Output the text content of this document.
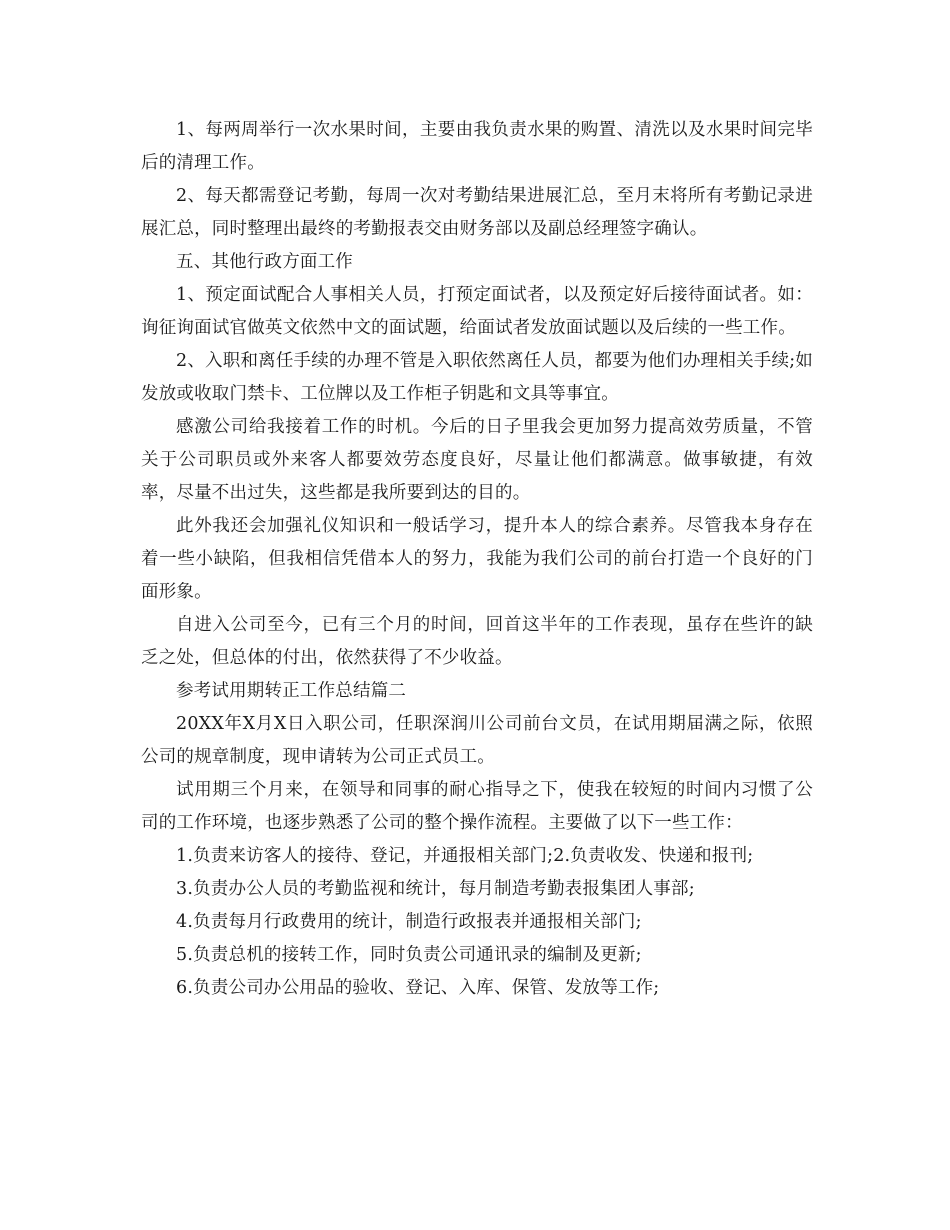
1、每两周举行一次水果时间，主要由我负责水果的购置、清洗以及水果时间完毕后的清理工作。

2、每天都需登记考勤，每周一次对考勤结果进展汇总，至月末将所有考勤记录进展汇总，同时整理出最终的考勤报表交由财务部以及副总经理签字确认。

五、其他行政方面工作

1、预定面试配合人事相关人员，打预定面试者，以及预定好后接待面试者。如：询征询面试官做英文依然中文的面试题，给面试者发放面试题以及后续的一些工作。

2、入职和离任手续的办理不管是入职依然离任人员，都要为他们办理相关手续;如发放或收取门禁卡、工位牌以及工作柜子钥匙和文具等事宜。

感激公司给我接着工作的时机。今后的日子里我会更加努力提高效劳质量，不管关于公司职员或外来客人都要效劳态度良好，尽量让他们都满意。做事敏捷，有效率，尽量不出过失，这些都是我所要到达的目的。

此外我还会加强礼仪知识和一般话学习，提升本人的综合素养。尽管我本身存在着一些小缺陷，但我相信凭借本人的努力，我能为我们公司的前台打造一个良好的门面形象。

自进入公司至今，已有三个月的时间，回首这半年的工作表现，虽存在些许的缺乏之处，但总体的付出，依然获得了不少收益。

参考试用期转正工作总结篇二

20XX年X月X日入职公司，任职深润川公司前台文员，在试用期届满之际，依照公司的规章制度，现申请转为公司正式员工。

试用期三个月来，在领导和同事的耐心指导之下，使我在较短的时间内习惯了公司的工作环境，也逐步熟悉了公司的整个操作流程。主要做了以下一些工作：

1.负责来访客人的接待、登记，并通报相关部门;2.负责收发、快递和报刊;

3.负责办公人员的考勤监视和统计，每月制造考勤表报集团人事部;

4.负责每月行政费用的统计，制造行政报表并通报相关部门;

5.负责总机的接转工作，同时负责公司通讯录的编制及更新;

6.负责公司办公用品的验收、登记、入库、保管、发放等工作;
